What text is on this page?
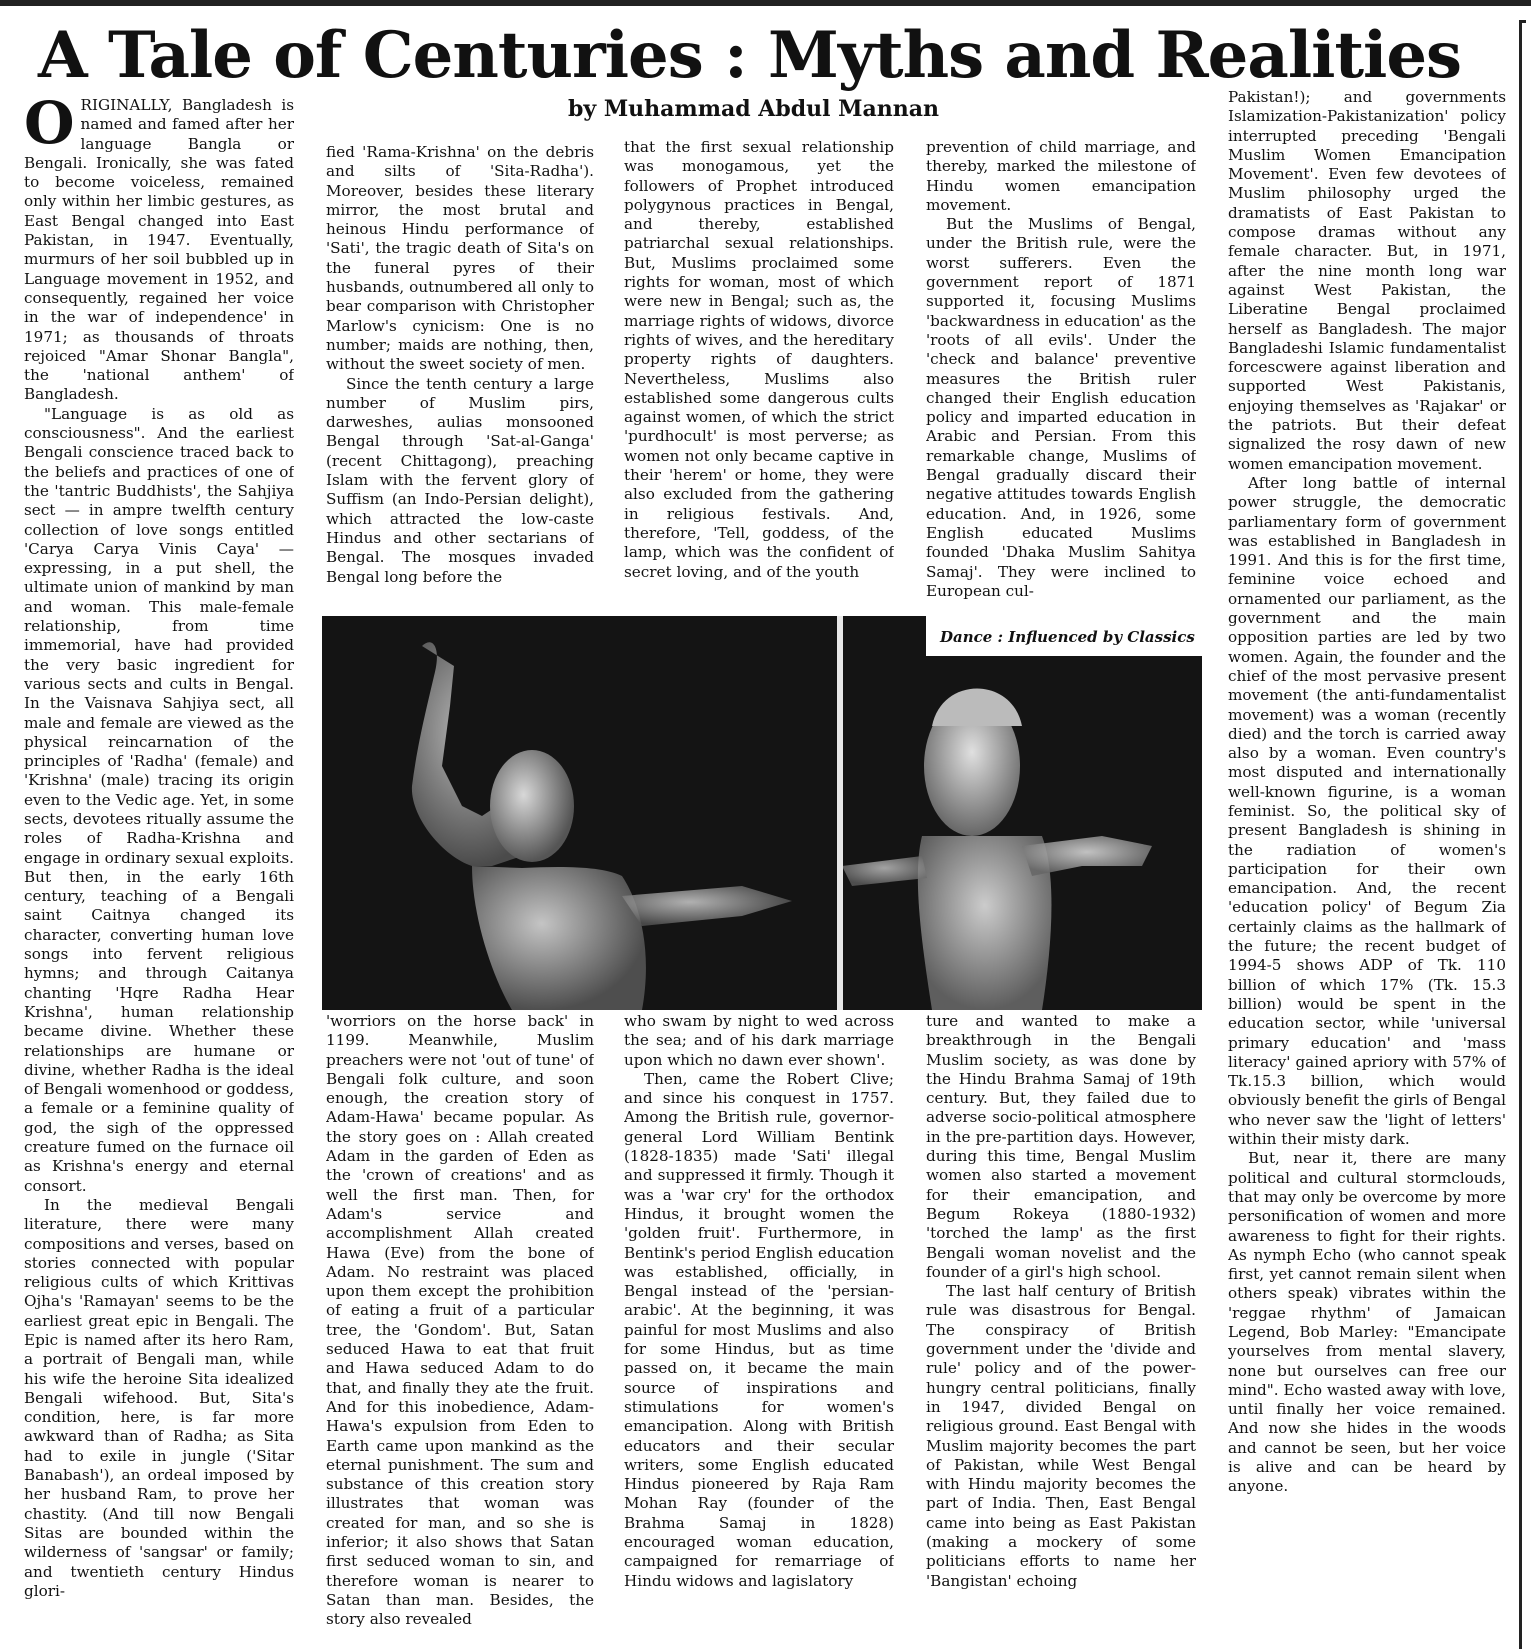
A Tale of Centuries : Myths and Realities
by Muhammad Abdul Mannan

ORIGINALLY, Bangladesh is named and famed after her language Bangla or Bengali. Ironically, she was fated to become voiceless, remained only within her limbic gestures, as East Bengal changed into East Pakistan, in 1947. Eventually, murmurs of her soil bubbled up in Language movement in 1952, and consequently, regained her voice in the war of independence' in 1971; as thousands of throats rejoiced "Amar Shonar Bangla", the 'national anthem' of Bangladesh.

"Language is as old as consciousness". And the earliest Bengali conscience traced back to the beliefs and practices of one of the 'tantric Buddhists', the Sahjiya sect — in ampre twelfth century collection of love songs entitled 'Carya Carya Vinis Caya' — expressing, in a put shell, the ultimate union of mankind by man and woman. This male-female relationship, from time immemorial, have had provided the very basic ingredient for various sects and cults in Bengal. In the Vaisnava Sahjiya sect, all male and female are viewed as the physical reincarnation of the principles of 'Radha' (female) and 'Krishna' (male) tracing its origin even to the Vedic age. Yet, in some sects, devotees ritually assume the roles of Radha-Krishna and engage in ordinary sexual exploits. But then, in the early 16th century, teaching of a Bengali saint Caitnya changed its character, converting human love songs into fervent religious hymns; and through Caitanya chanting 'Hqre Radha Hear Krishna', human relationship became divine. Whether these relationships are humane or divine, whether Radha is the ideal of Bengali womenhood or goddess, a female or a feminine quality of god, the sigh of the oppressed creature fumed on the furnace oil as Krishna's energy and eternal consort.

In the medieval Bengali literature, there were many compositions and verses, based on stories connected with popular religious cults of which Krittivas Ojha's 'Ramayan' seems to be the earliest great epic in Bengali. The Epic is named after its hero Ram, a portrait of Bengali man, while his wife the heroine Sita idealized Bengali wifehood. But, Sita's condition, here, is far more awkward than of Radha; as Sita had to exile in jungle ('Sitar Banabash'), an ordeal imposed by her husband Ram, to prove her chastity. (And till now Bengali Sitas are bounded within the wilderness of 'sangsar' or family; and twentieth century Hindus glori-

fied 'Rama-Krishna' on the debris and silts of 'Sita-Radha'). Moreover, besides these literary mirror, the most brutal and heinous Hindu performance of 'Sati', the tragic death of Sita's on the funeral pyres of their husbands, outnumbered all only to bear comparison with Christopher Marlow's cynicism: One is no number; maids are nothing, then, without the sweet society of men.

Since the tenth century a large number of Muslim pirs, darweshes, aulias monsooned Bengal through 'Sat-al-Ganga' (recent Chittagong), preaching Islam with the fervent glory of Suffism (an Indo-Persian delight), which attracted the low-caste Hindus and other sectarians of Bengal. The mosques invaded Bengal long before the

that the first sexual relationship was monogamous, yet the followers of Prophet introduced polygynous practices in Bengal, and thereby, established patriarchal sexual relationships. But, Muslims proclaimed some rights for woman, most of which were new in Bengal; such as, the marriage rights of widows, divorce rights of wives, and the hereditary property rights of daughters. Nevertheless, Muslims also established some dangerous cults against women, of which the strict 'purdhocult' is most perverse; as women not only became captive in their 'herem' or home, they were also excluded from the gathering in religious festivals. And, therefore, 'Tell, goddess, of the lamp, which was the confident of secret loving, and of the youth

prevention of child marriage, and thereby, marked the milestone of Hindu women emancipation movement.

But the Muslims of Bengal, under the British rule, were the worst sufferers. Even the government report of 1871 supported it, focusing Muslims 'backwardness in education' as the 'roots of all evils'. Under the 'check and balance' preventive measures the British ruler changed their English education policy and imparted education in Arabic and Persian. From this remarkable change, Muslims of Bengal gradually discard their negative attitudes towards English education. And, in 1926, some English educated Muslims founded 'Dhaka Muslim Sahitya Samaj'. They were inclined to European cul-

Pakistan!); and governments Islamization-Pakistanization' policy interrupted preceding 'Bengali Muslim Women Emancipation Movement'. Even few devotees of Muslim philosophy urged the dramatists of East Pakistan to compose dramas without any female character. But, in 1971, after the nine month long war against West Pakistan, the Liberatine Bengal proclaimed herself as Bangladesh. The major Bangladeshi Islamic fundamentalist forcescwere against liberation and supported West Pakistanis, enjoying themselves as 'Rajakar' or the patriots. But their defeat signalized the rosy dawn of new women emancipation movement.

After long battle of internal power struggle, the democratic parliamentary form of government was established in Bangladesh in 1991. And this is for the first time, feminine voice echoed and ornamented our parliament, as the government and the main opposition parties are led by two women. Again, the founder and the chief of the most pervasive present movement (the anti-fundamentalist movement) was a woman (recently died) and the torch is carried away also by a woman. Even country's most disputed and internationally well-known figurine, is a woman feminist. So, the political sky of present Bangladesh is shining in the radiation of women's participation for their own emancipation. And, the recent 'education policy' of Begum Zia certainly claims as the hallmark of the future; the recent budget of 1994-5 shows ADP of Tk. 110 billion of which 17% (Tk. 15.3 billion) would be spent in the education sector, while 'universal primary education' and 'mass literacy' gained apriory with 57% of Tk.15.3 billion, which would obviously benefit the girls of Bengal who never saw the 'light of letters' within their misty dark.

But, near it, there are many political and cultural stormclouds, that may only be overcome by more personification of women and more awareness to fight for their rights. As nymph Echo (who cannot speak first, yet cannot remain silent when others speak) vibrates within the 'reggae rhythm' of Jamaican Legend, Bob Marley: "Emancipate yourselves from mental slavery, none but ourselves can free our mind". Echo wasted away with love, until finally her voice remained. And now she hides in the woods and cannot be seen, but her voice is alive and can be heard by anyone.

Dance : Influenced by Classics

'worriors on the horse back' in 1199. Meanwhile, Muslim preachers were not 'out of tune' of Bengali folk culture, and soon enough, the creation story of Adam-Hawa' became popular. As the story goes on : Allah created Adam in the garden of Eden as the 'crown of creations' and as well the first man. Then, for Adam's service and accomplishment Allah created Hawa (Eve) from the bone of Adam. No restraint was placed upon them except the prohibition of eating a fruit of a particular tree, the 'Gondom'. But, Satan seduced Hawa to eat that fruit and Hawa seduced Adam to do that, and finally they ate the fruit. And for this inobedience, Adam-Hawa's expulsion from Eden to Earth came upon mankind as the eternal punishment. The sum and substance of this creation story illustrates that woman was created for man, and so she is inferior; it also shows that Satan first seduced woman to sin, and therefore woman is nearer to Satan than man. Besides, the story also revealed

who swam by night to wed across the sea; and of his dark marriage upon which no dawn ever shown'.

Then, came the Robert Clive; and since his conquest in 1757. Among the British rule, governor-general Lord William Bentink (1828-1835) made 'Sati' illegal and suppressed it firmly. Though it was a 'war cry' for the orthodox Hindus, it brought women the 'golden fruit'. Furthermore, in Bentink's period English education was established, officially, in Bengal instead of the 'persian-arabic'. At the beginning, it was painful for most Muslims and also for some Hindus, but as time passed on, it became the main source of inspirations and stimulations for women's emancipation. Along with British educators and their secular writers, some English educated Hindus pioneered by Raja Ram Mohan Ray (founder of the Brahma Samaj in 1828) encouraged woman education, campaigned for remarriage of Hindu widows and lagislatory

ture and wanted to make a breakthrough in the Bengali Muslim society, as was done by the Hindu Brahma Samaj of 19th century. But, they failed due to adverse socio-political atmosphere in the pre-partition days. However, during this time, Bengal Muslim women also started a movement for their emancipation, and Begum Rokeya (1880-1932) 'torched the lamp' as the first Bengali woman novelist and the founder of a girl's high school.

The last half century of British rule was disastrous for Bengal. The conspiracy of British government under the 'divide and rule' policy and of the power-hungry central politicians, finally in 1947, divided Bengal on religious ground. East Bengal with Muslim majority becomes the part of Pakistan, while West Bengal with Hindu majority becomes the part of India. Then, East Bengal came into being as East Pakistan (making a mockery of some politicians efforts to name her 'Bangistan' echoing
